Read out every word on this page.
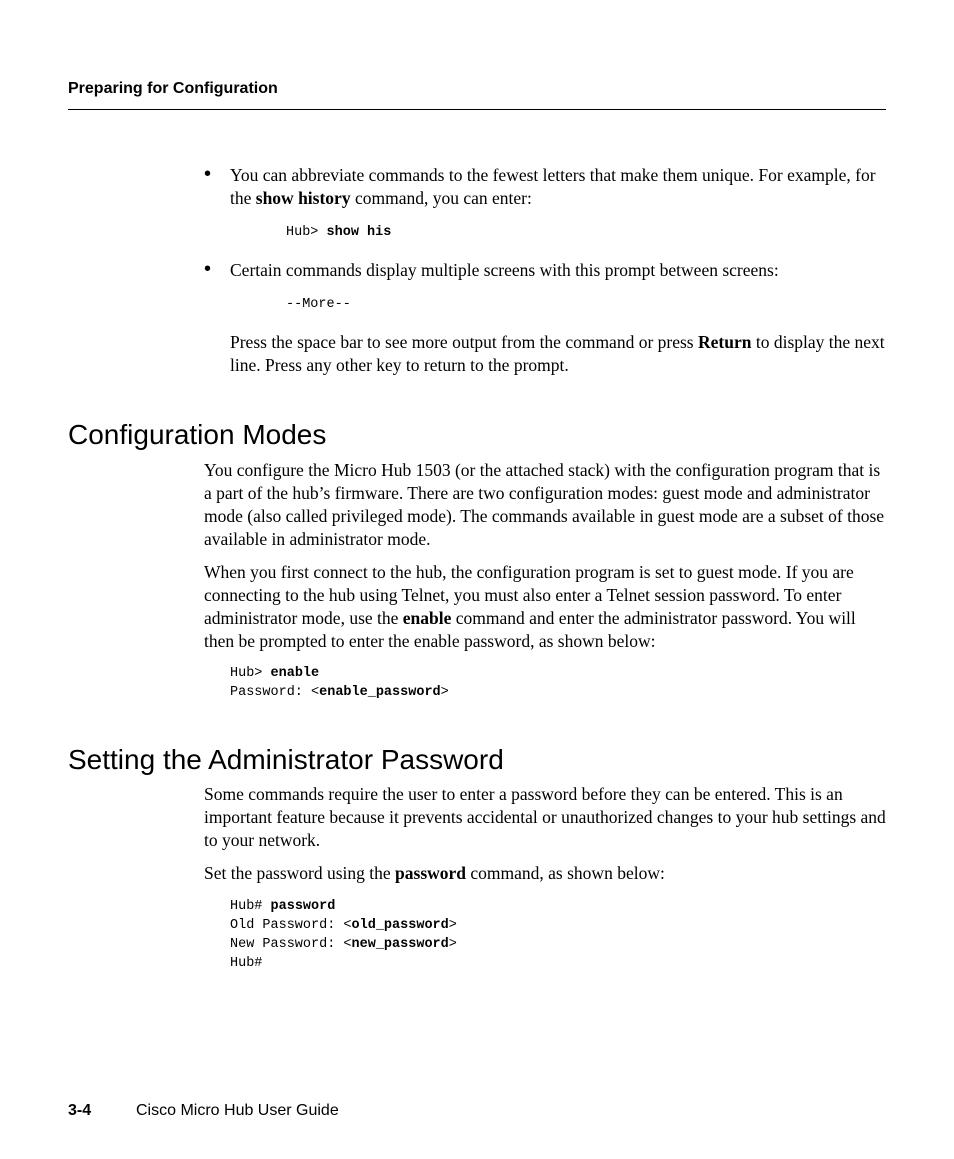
Preparing for Configuration
• You can abbreviate commands to the fewest letters that make them unique. For example, for the show history command, you can enter:

Hub> show his
• Certain commands display multiple screens with this prompt between screens:

--More--

Press the space bar to see more output from the command or press Return to display the next line. Press any other key to return to the prompt.

Configuration Modes

You configure the Micro Hub 1503 (or the attached stack) with the configuration program that is a part of the hub’s firmware. There are two configuration modes: guest mode and administrator mode (also called privileged mode). The commands available in guest mode are a subset of those available in administrator mode.

When you first connect to the hub, the configuration program is set to guest mode. If you are connecting to the hub using Telnet, you must also enter a Telnet session password. To enter administrator mode, use the enable command and enter the administrator password. You will then be prompted to enter the enable password, as shown below:

Hub> enable
Password: <enable_password>
Setting the Administrator Password

Some commands require the user to enter a password before they can be entered. This is an important feature because it prevents accidental or unauthorized changes to your hub settings and to your network.

Set the password using the password command, as shown below:

Hub# password
Old Password: <old_password>
New Password: <new_password>
Hub#
3-4	Cisco Micro Hub User Guide
